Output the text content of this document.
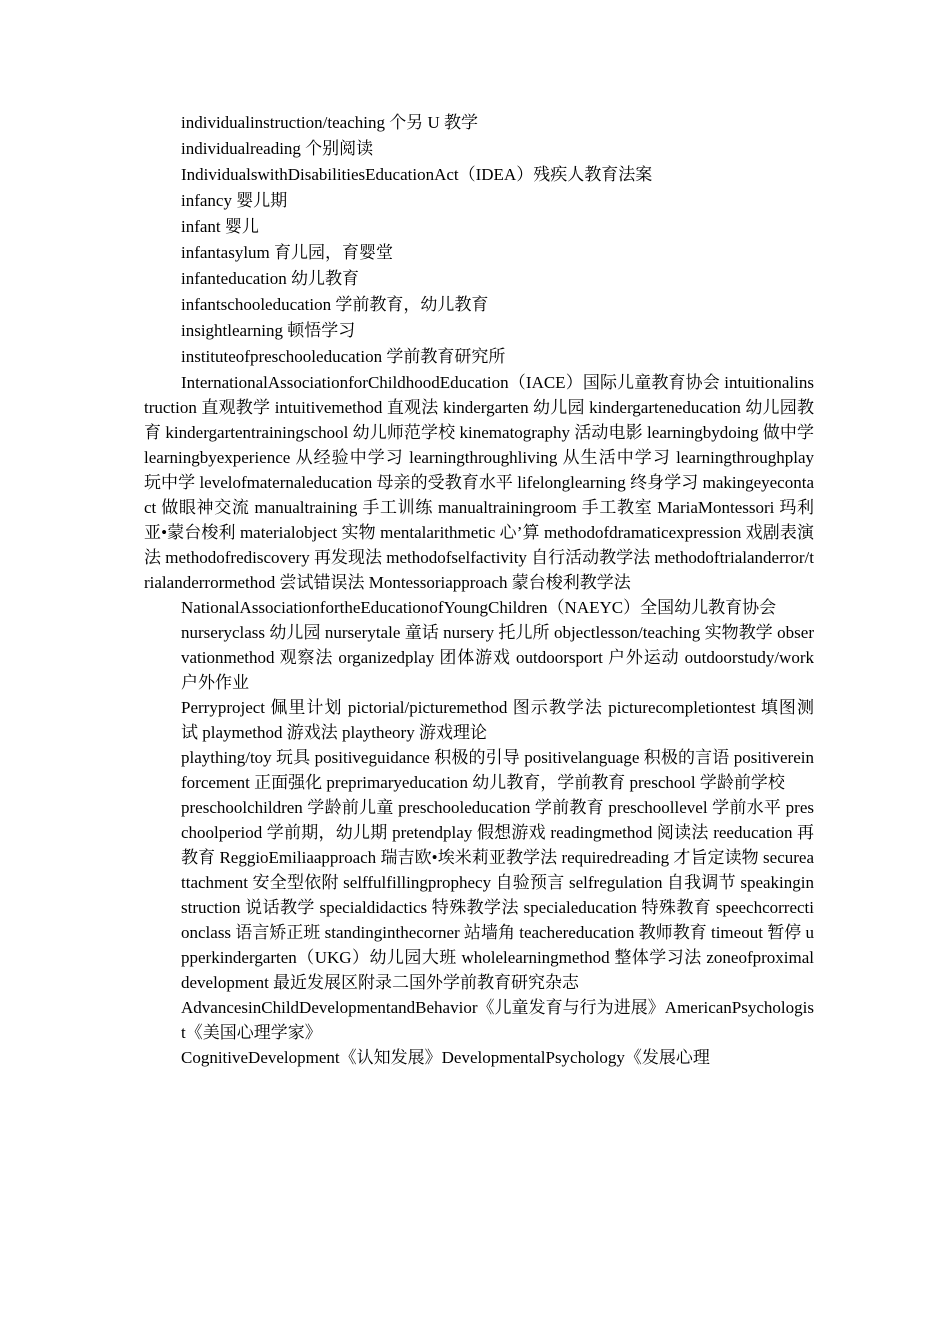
individualinstruction/teaching 个另 U 教学
individualreading 个别阅读
IndividualswithDisabilitiesEducationAct（IDEA）残疾人教育法案
infancy 婴儿期
infant 婴儿
infantasylum 育儿园，育婴堂
infanteducation 幼儿教育
infantschooleducation 学前教育，幼儿教育
insightlearning 顿悟学习
instituteofpreschooleducation 学前教育研究所
InternationalAssociationforChildhoodEducation（IACE）国际儿童教育协会 intuitionalinstruction 直观教学 intuitivemethod 直观法 kindergarten 幼儿园 kindergarteneducation 幼儿园教育 kindergartentrainingschool 幼儿师范学校 kinematography 活动电影 learningbydoing 做中学 learningbyexperience 从经验中学习 learningthroughliving 从生活中学习 learningthroughplay 玩中学 levelofmaternaleducation 母亲的受教育水平 lifelonglearning 终身学习 makingeyecontact 做眼神交流 manualtraining 手工训练 manualtrainingroom 手工教室 MariaMontessori 玛利亚•蒙台梭利 materialobject 实物 mentalarithmetic 心’算 methodofdramaticexpression 戏剧表演法 methodofrediscovery 再发现法 methodofselfactivity 自行活动教学法 methodoftrialanderror/trialanderrormethod 尝试错误法 Montessoriapproach 蒙台梭利教学法
NationalAssociationfortheEducationofYoungChildren（NAEYC）全国幼儿教育协会
nurseryclass 幼儿园 nurserytale 童话 nursery 托儿所 objectlesson/teaching 实物教学 observationmethod 观察法 organizedplay 团体游戏 outdoorsport 户外运动 outdoorstudy/work 户外作业
Perryproject 佩里计划 pictorial/picturemethod 图示教学法 picturecompletiontest 填图测试 playmethod 游戏法 playtheory 游戏理论
plaything/toy 玩具 positiveguidance 积极的引导 positivelanguage 积极的言语 positivereinforcement 正面强化 preprimaryeducation 幼儿教育，学前教育 preschool 学龄前学校
preschoolchildren 学龄前儿童 preschooleducation 学前教育 preschoollevel 学前水平 preschoolperiod 学前期，幼儿期 pretendplay 假想游戏 readingmethod 阅读法 reeducation 再教育 ReggioEmiliaapproach 瑞吉欧•埃米莉亚教学法 requiredreading 才旨定读物 secureattachment 安全型依附 selffulfillingprophecy 自验预言 selfregulation 自我调节 speakinginstruction 说话教学 specialdidactics 特殊教学法 specialeducation 特殊教育 speechcorrectionclass 语言矫正班 standinginthecorner 站墙角 teachereducation 教师教育 timeout 暂停 upperkindergarten（UKG）幼儿园大班 wholelearningmethod 整体学习法 zoneofproximaldevelopment 最近发展区附录二国外学前教育研究杂志
AdvancesinChildDevelopmentandBehavior《儿童发育与行为进展》AmericanPsychologist《美国心理学家》
CognitiveDevelopment《认知发展》DevelopmentalPsychology《发展心理
